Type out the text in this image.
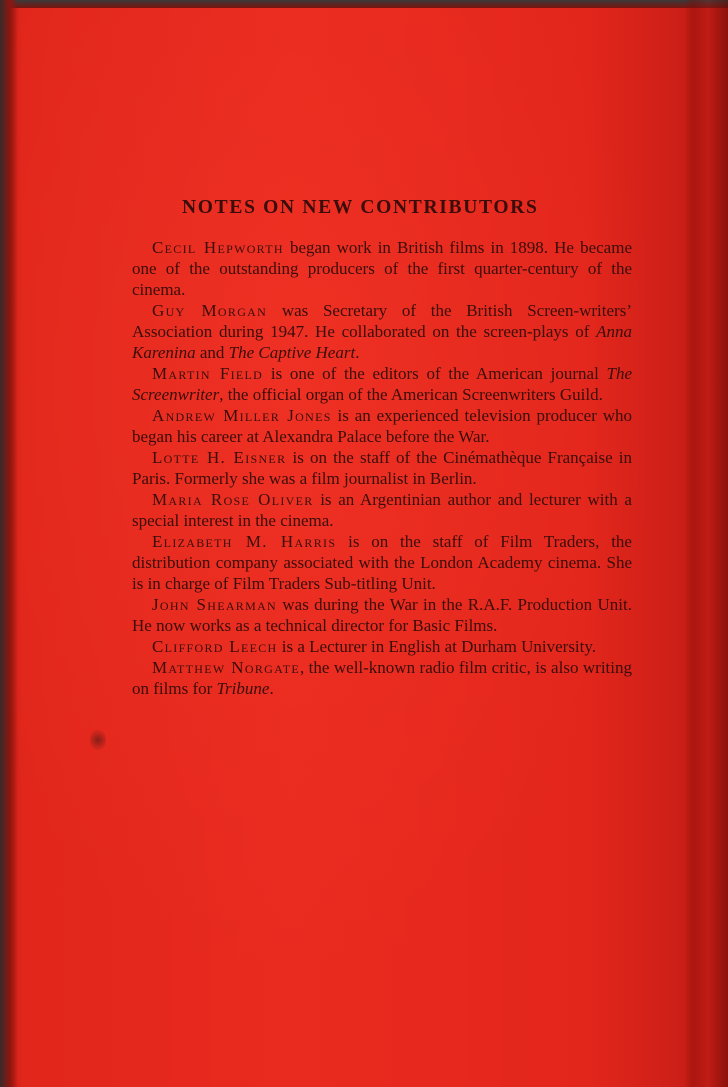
NOTES ON NEW CONTRIBUTORS

Cecil Hepworth began work in British films in 1898. He became one of the outstanding producers of the first quarter-century of the cinema.

Guy Morgan was Secretary of the British Screen-writers’ Association during 1947. He collaborated on the screen-plays of Anna Karenina and The Captive Heart.

Martin Field is one of the editors of the American journal The Screenwriter, the official organ of the American Screenwriters Guild.

Andrew Miller Jones is an experienced television producer who began his career at Alexandra Palace before the War.

Lotte H. Eisner is on the staff of the Cinémathèque Française in Paris. Formerly she was a film journalist in Berlin.

Maria Rose Oliver is an Argentinian author and lecturer with a special interest in the cinema.

Elizabeth M. Harris is on the staff of Film Traders, the distribution company associated with the London Academy cinema. She is in charge of Film Traders Sub-titling Unit.

John Shearman was during the War in the R.A.F. Production Unit. He now works as a technical director for Basic Films.

Clifford Leech is a Lecturer in English at Durham University.

Matthew Norgate, the well-known radio film critic, is also writing on films for Tribune.
